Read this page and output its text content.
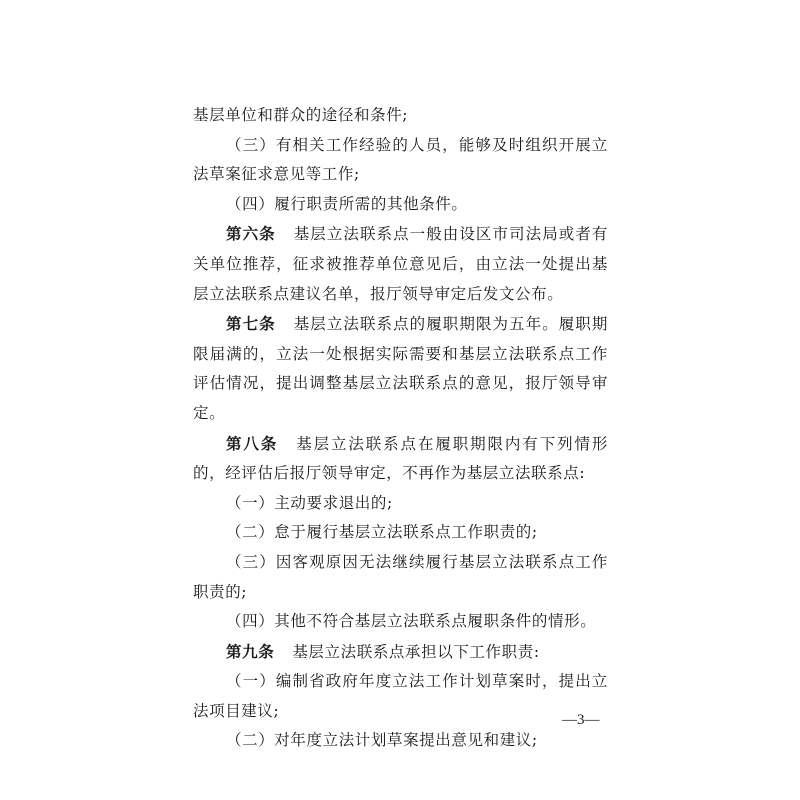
基层单位和群众的途径和条件;

（三）有相关工作经验的人员，能够及时组织开展立法草案征求意见等工作;

（四）履行职责所需的其他条件。

第六条 基层立法联系点一般由设区市司法局或者有关单位推荐，征求被推荐单位意见后，由立法一处提出基层立法联系点建议名单，报厅领导审定后发文公布。

第七条 基层立法联系点的履职期限为五年。履职期限届满的，立法一处根据实际需要和基层立法联系点工作评估情况，提出调整基层立法联系点的意见，报厅领导审定。

第八条 基层立法联系点在履职期限内有下列情形的，经评估后报厅领导审定，不再作为基层立法联系点:

（一）主动要求退出的;

（二）怠于履行基层立法联系点工作职责的;

（三）因客观原因无法继续履行基层立法联系点工作职责的;

（四）其他不符合基层立法联系点履职条件的情形。

第九条 基层立法联系点承担以下工作职责:

（一）编制省政府年度立法工作计划草案时，提出立法项目建议;

（二）对年度立法计划草案提出意见和建议;

—3—
